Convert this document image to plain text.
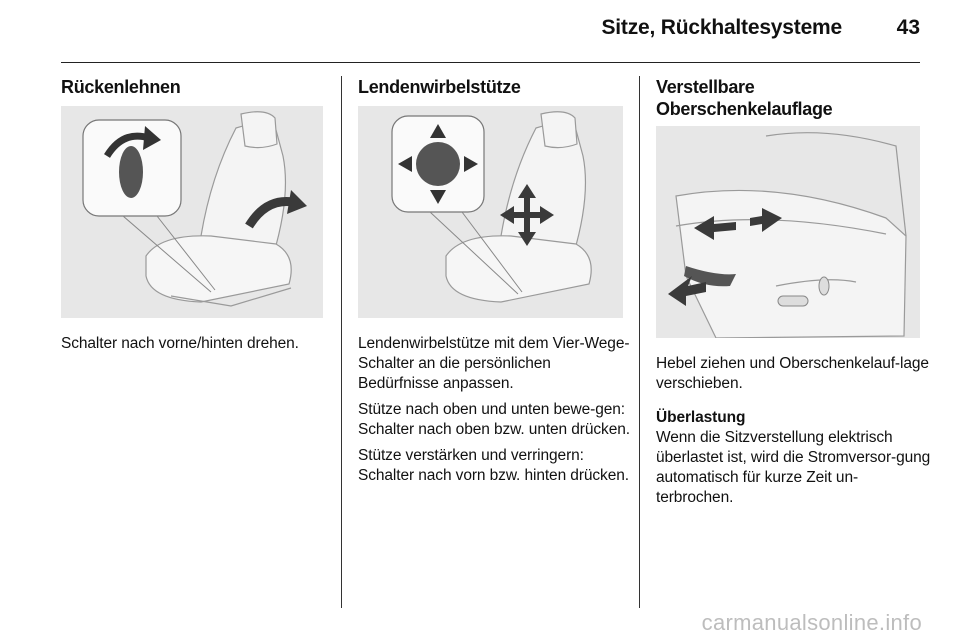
Sitze, Rückhaltesysteme	43
Rückenlehnen

Schalter nach vorne/hinten drehen.

Lendenwirbelstütze

Lendenwirbelstütze mit dem Vier-Wege-Schalter an die persönlichen Bedürfnisse anpassen.

Stütze nach oben und unten bewe-gen: Schalter nach oben bzw. unten drücken.

Stütze verstärken und verringern: Schalter nach vorn bzw. hinten drücken.

Verstellbare Oberschenkelauflage

Hebel ziehen und Oberschenkelauf-lage verschieben.

Überlastung

Wenn die Sitzverstellung elektrisch überlastet ist, wird die Stromversor-gung automatisch für kurze Zeit un-terbrochen.

carmanualsonline.info
